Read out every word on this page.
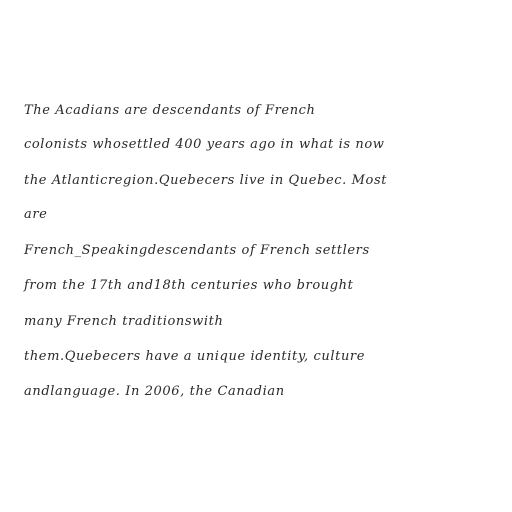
The Acadians are descendants of French

colonists whosettled 400 years ago in what is now

the Atlanticregion.Quebecers live in Quebec. Most

are

French_Speakingdescendants of French settlers

from the 17th and18th centuries who brought

many French traditionswith

them.Quebecers have a unique identity, culture

andlanguage. In 2006, the Canadian
